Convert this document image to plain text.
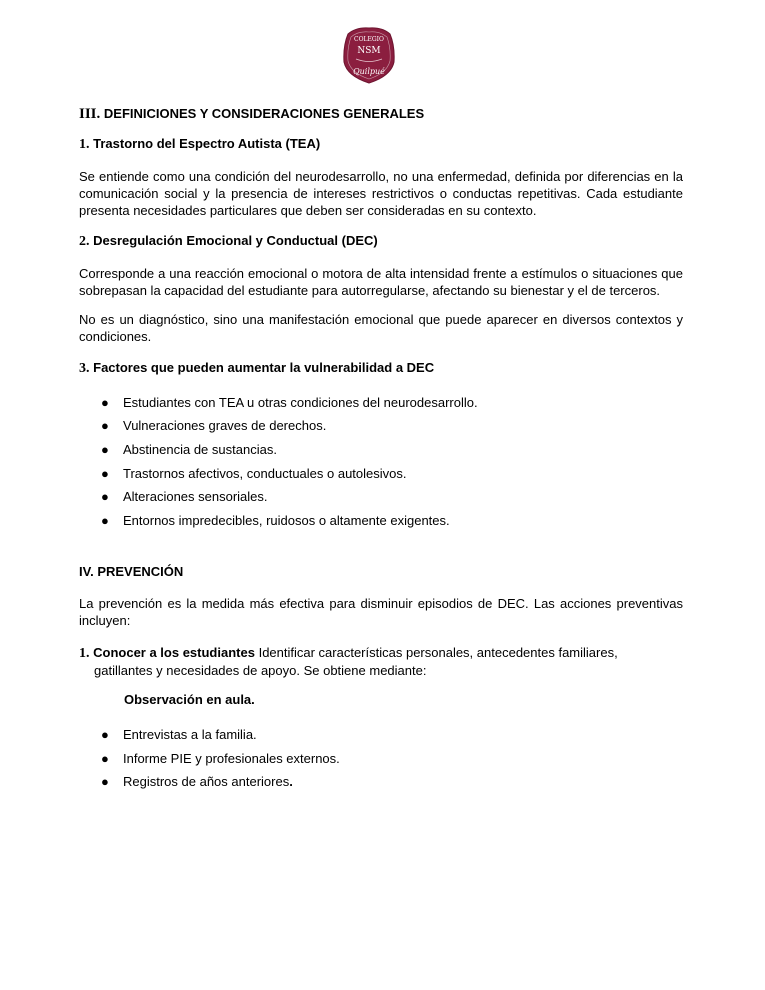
COLEGIO
NSM
Quilpué
III. DEFINICIONES Y CONSIDERACIONES GENERALES
1. Trastorno del Espectro Autista (TEA)
Se entiende como una condición del neurodesarrollo, no una enfermedad, definida por diferencias en la comunicación social y la presencia de intereses restrictivos o conductas repetitivas. Cada estudiante presenta necesidades particulares que deben ser consideradas en su contexto.
2. Desregulación Emocional y Conductual (DEC)
Corresponde a una reacción emocional o motora de alta intensidad frente a estímulos o situaciones que sobrepasan la capacidad del estudiante para autorregularse, afectando su bienestar y el de terceros.
No es un diagnóstico, sino una manifestación emocional que puede aparecer en diversos contextos y condiciones.
3. Factores que pueden aumentar la vulnerabilidad a DEC
●	Estudiantes con TEA u otras condiciones del neurodesarrollo.
●	Vulneraciones graves de derechos.
●	Abstinencia de sustancias.
●	Trastornos afectivos, conductuales o autolesivos.
●	Alteraciones sensoriales.
●	Entornos impredecibles, ruidosos o altamente exigentes.
IV. PREVENCIÓN
La prevención es la medida más efectiva para disminuir episodios de DEC. Las acciones preventivas incluyen:
1. Conocer a los estudiantes Identificar características personales, antecedentes familiares,
gatillantes y necesidades de apoyo. Se obtiene mediante:
Observación en aula.
●	Entrevistas a la familia.
●	Informe PIE y profesionales externos.
●	Registros de años anteriores.
